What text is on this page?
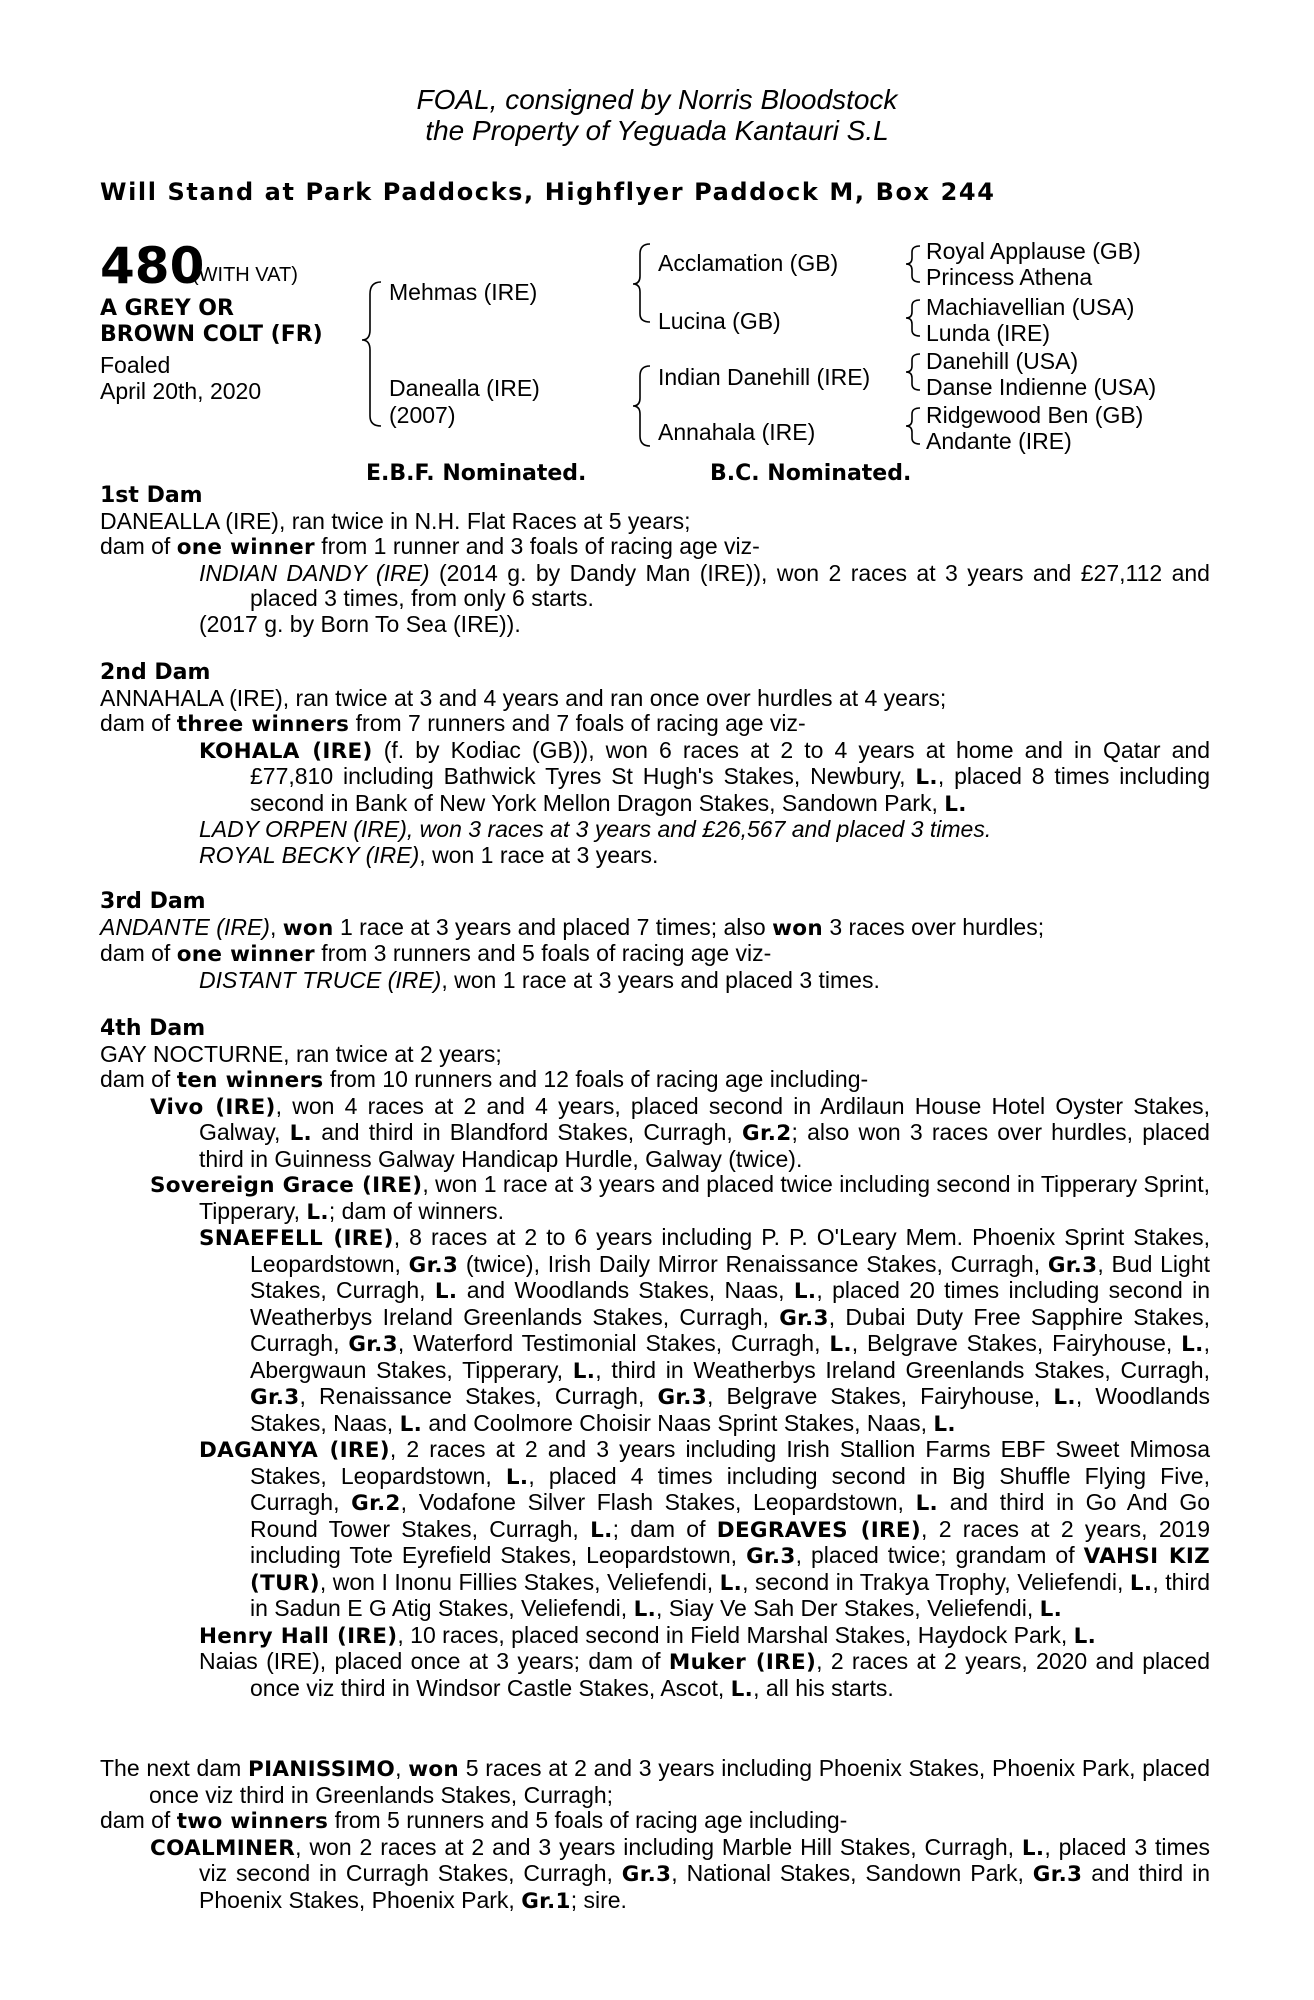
FOAL, consigned by Norris Bloodstock
the Property of Yeguada Kantauri S.L
Will Stand at Park Paddocks, Highflyer Paddock M, Box 244
480
(WITH VAT)
A GREY OR
BROWN COLT (FR)
Foaled
April 20th, 2020
Mehmas (IRE)
Danealla (IRE)
(2007)
Acclamation (GB)
Lucina (GB)
Indian Danehill (IRE)
Annahala (IRE)
Royal Applause (GB)
Princess Athena
Machiavellian (USA)
Lunda (IRE)
Danehill (USA)
Danse Indienne (USA)
Ridgewood Ben (GB)
Andante (IRE)
E.B.F. Nominated.	B.C. Nominated.
1st Dam
DANEALLA (IRE), ran twice in N.H. Flat Races at 5 years;
dam of one winner from 1 runner and 3 foals of racing age viz-
INDIAN DANDY (IRE) (2014 g. by Dandy Man (IRE)), won 2 races at 3 years and £27,112 and placed 3 times, from only 6 starts.
(2017 g. by Born To Sea (IRE)).
2nd Dam
ANNAHALA (IRE), ran twice at 3 and 4 years and ran once over hurdles at 4 years;
dam of three winners from 7 runners and 7 foals of racing age viz-
KOHALA (IRE) (f. by Kodiac (GB)), won 6 races at 2 to 4 years at home and in Qatar and £77,810 including Bathwick Tyres St Hugh's Stakes, Newbury, L., placed 8 times including second in Bank of New York Mellon Dragon Stakes, Sandown Park, L.
LADY ORPEN (IRE), won 3 races at 3 years and £26,567 and placed 3 times.
ROYAL BECKY (IRE), won 1 race at 3 years.
3rd Dam
ANDANTE (IRE), won 1 race at 3 years and placed 7 times; also won 3 races over hurdles;
dam of one winner from 3 runners and 5 foals of racing age viz-
DISTANT TRUCE (IRE), won 1 race at 3 years and placed 3 times.
4th Dam
GAY NOCTURNE, ran twice at 2 years;
dam of ten winners from 10 runners and 12 foals of racing age including-
Vivo (IRE), won 4 races at 2 and 4 years, placed second in Ardilaun House Hotel Oyster Stakes, Galway, L. and third in Blandford Stakes, Curragh, Gr.2; also won 3 races over hurdles, placed third in Guinness Galway Handicap Hurdle, Galway (twice).
Sovereign Grace (IRE), won 1 race at 3 years and placed twice including second in Tipperary Sprint, Tipperary, L.; dam of winners.
SNAEFELL (IRE), 8 races at 2 to 6 years including P. P. O'Leary Mem. Phoenix Sprint Stakes, Leopardstown, Gr.3 (twice), Irish Daily Mirror Renaissance Stakes, Curragh, Gr.3, Bud Light Stakes, Curragh, L. and Woodlands Stakes, Naas, L., placed 20 times including second in Weatherbys Ireland Greenlands Stakes, Curragh, Gr.3, Dubai Duty Free Sapphire Stakes, Curragh, Gr.3, Waterford Testimonial Stakes, Curragh, L., Belgrave Stakes, Fairyhouse, L., Abergwaun Stakes, Tipperary, L., third in Weatherbys Ireland Greenlands Stakes, Curragh, Gr.3, Renaissance Stakes, Curragh, Gr.3, Belgrave Stakes, Fairyhouse, L., Woodlands Stakes, Naas, L. and Coolmore Choisir Naas Sprint Stakes, Naas, L.
DAGANYA (IRE), 2 races at 2 and 3 years including Irish Stallion Farms EBF Sweet Mimosa Stakes, Leopardstown, L., placed 4 times including second in Big Shuffle Flying Five, Curragh, Gr.2, Vodafone Silver Flash Stakes, Leopardstown, L. and third in Go And Go Round Tower Stakes, Curragh, L.; dam of DEGRAVES (IRE), 2 races at 2 years, 2019 including Tote Eyrefield Stakes, Leopardstown, Gr.3, placed twice; grandam of VAHSI KIZ (TUR), won I Inonu Fillies Stakes, Veliefendi, L., second in Trakya Trophy, Veliefendi, L., third in Sadun E G Atig Stakes, Veliefendi, L., Siay Ve Sah Der Stakes, Veliefendi, L.
Henry Hall (IRE), 10 races, placed second in Field Marshal Stakes, Haydock Park, L.
Naias (IRE), placed once at 3 years; dam of Muker (IRE), 2 races at 2 years, 2020 and placed once viz third in Windsor Castle Stakes, Ascot, L., all his starts.
The next dam PIANISSIMO, won 5 races at 2 and 3 years including Phoenix Stakes, Phoenix Park, placed once viz third in Greenlands Stakes, Curragh;
dam of two winners from 5 runners and 5 foals of racing age including-
COALMINER, won 2 races at 2 and 3 years including Marble Hill Stakes, Curragh, L., placed 3 times viz second in Curragh Stakes, Curragh, Gr.3, National Stakes, Sandown Park, Gr.3 and third in Phoenix Stakes, Phoenix Park, Gr.1; sire.
